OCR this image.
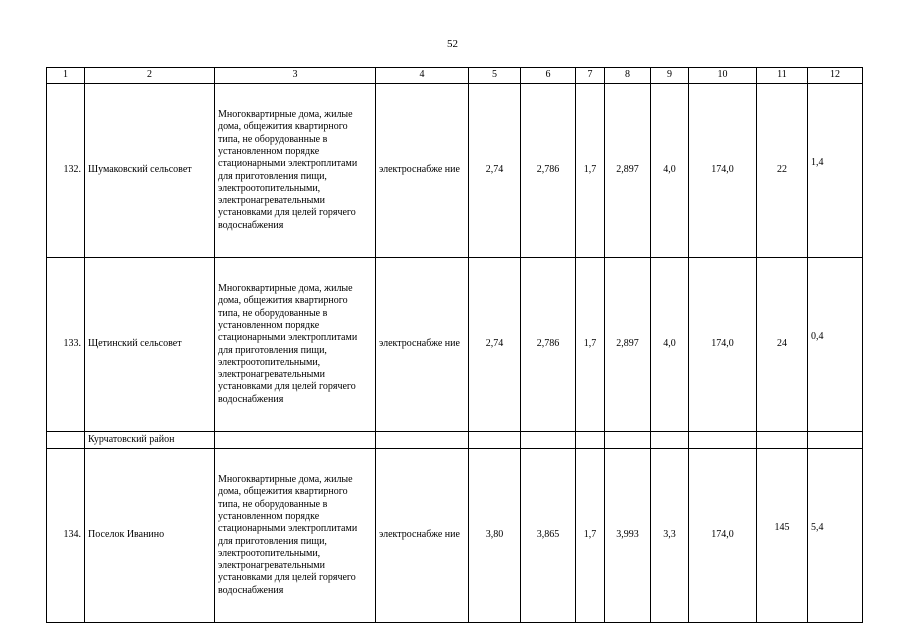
52
1	2	3	4	5	6	7	8	9	10	11	12
132.	Шумаковский сельсовет	Многоквартирные дома, жилые дома, общежития квартирного типа, не оборудованные в установленном порядке стационарными электроплитами для приготовления пищи, электроотопительными, электронагревательными установками для целей горячего водоснабжения	электроснабже ние	2,74	2,786	1,7	2,897	4,0	174,0	22	1,4
133.	Щетинский сельсовет	Многоквартирные дома, жилые дома, общежития квартирного типа, не оборудованные в установленном порядке стационарными электроплитами для приготовления пищи, электроотопительными, электронагревательными установками для целей горячего водоснабжения	электроснабже ние	2,74	2,786	1,7	2,897	4,0	174,0	24	0,4
	Курчатовский район										
134.	Поселок Иванино	Многоквартирные дома, жилые дома, общежития квартирного типа, не оборудованные в установленном порядке стационарными электроплитами для приготовления пищи, электроотопительными, электронагревательными установками для целей горячего водоснабжения	электроснабже ние	3,80	3,865	1,7	3,993	3,3	174,0	145	5,4
